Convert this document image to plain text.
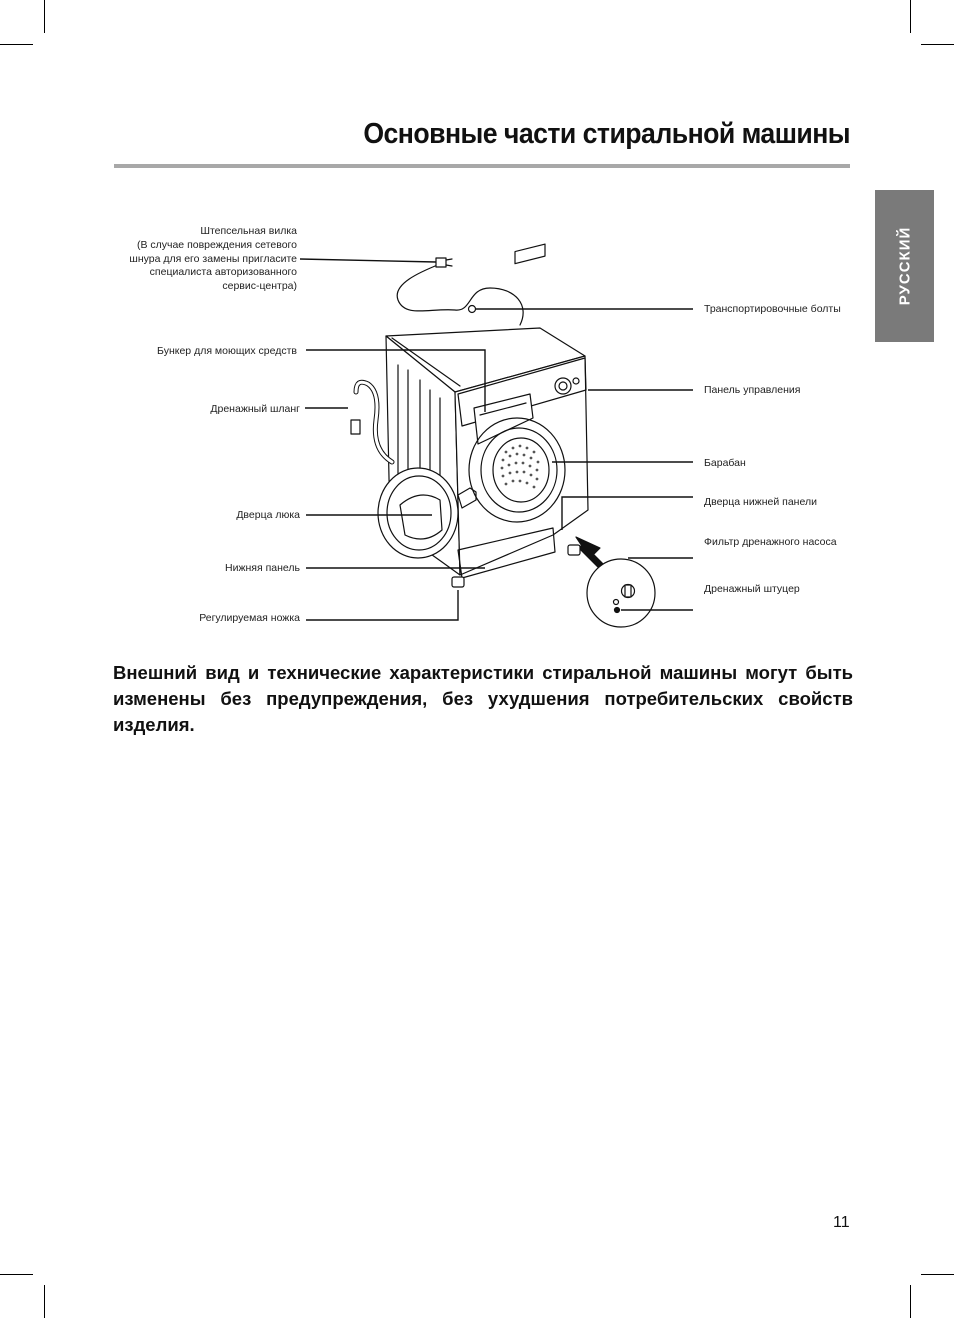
Основные части стиральной машины
РУССКИЙ
Штепсельная вилка
(В случае повреждения сетевого
шнура для его замены пригласите
специалиста авторизованного
сервис-центра)
Бункер для моющих средств
Дренажный шланг
Дверца люка
Нижняя панель
Регулируемая ножка
Транспортировочные болты
Панель управления
Барабан
Дверца нижней панели
Фильтр дренажного насоса
Дренажный штуцер

Внешний вид и технические характеристики стиральной машины могут быть изменены без предупреждения, без ухудшения потребительских свойств изделия.

11
